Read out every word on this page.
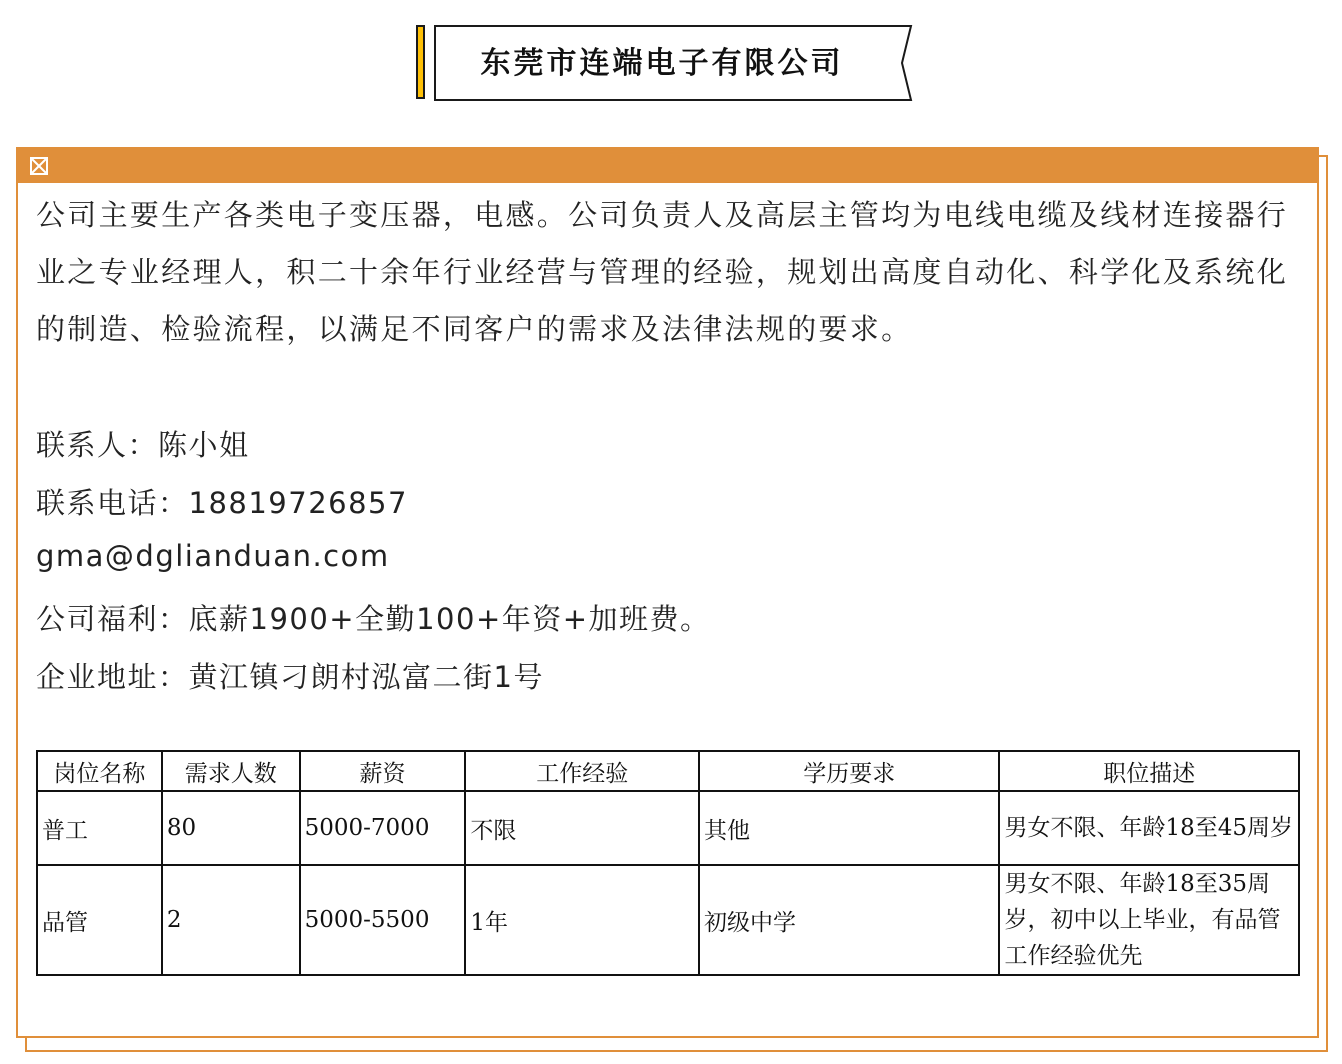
东莞市连端电子有限公司
公司主要生产各类电子变压器，电感。公司负责人及高层主管均为电线电缆及线材连接器行业之专业经理人，积二十余年行业经营与管理的经验，规划出高度自动化、科学化及系统化的制造、检验流程，以满足不同客户的需求及法律法规的要求。
联系人：陈小姐
联系电话：18819726857
gma@dglianduan.com
公司福利：底薪1900+全勤100+年资+加班费。
企业地址：黄江镇刁朗村泓富二街1号
岗位名称	需求人数	薪资	工作经验	学历要求	职位描述
普工	80	5000-7000	不限	其他	男女不限、年龄18至45周岁
品管	2	5000-5500	1年	初级中学	男女不限、年龄18至35周岁，初中以上毕业，有品管工作经验优先
